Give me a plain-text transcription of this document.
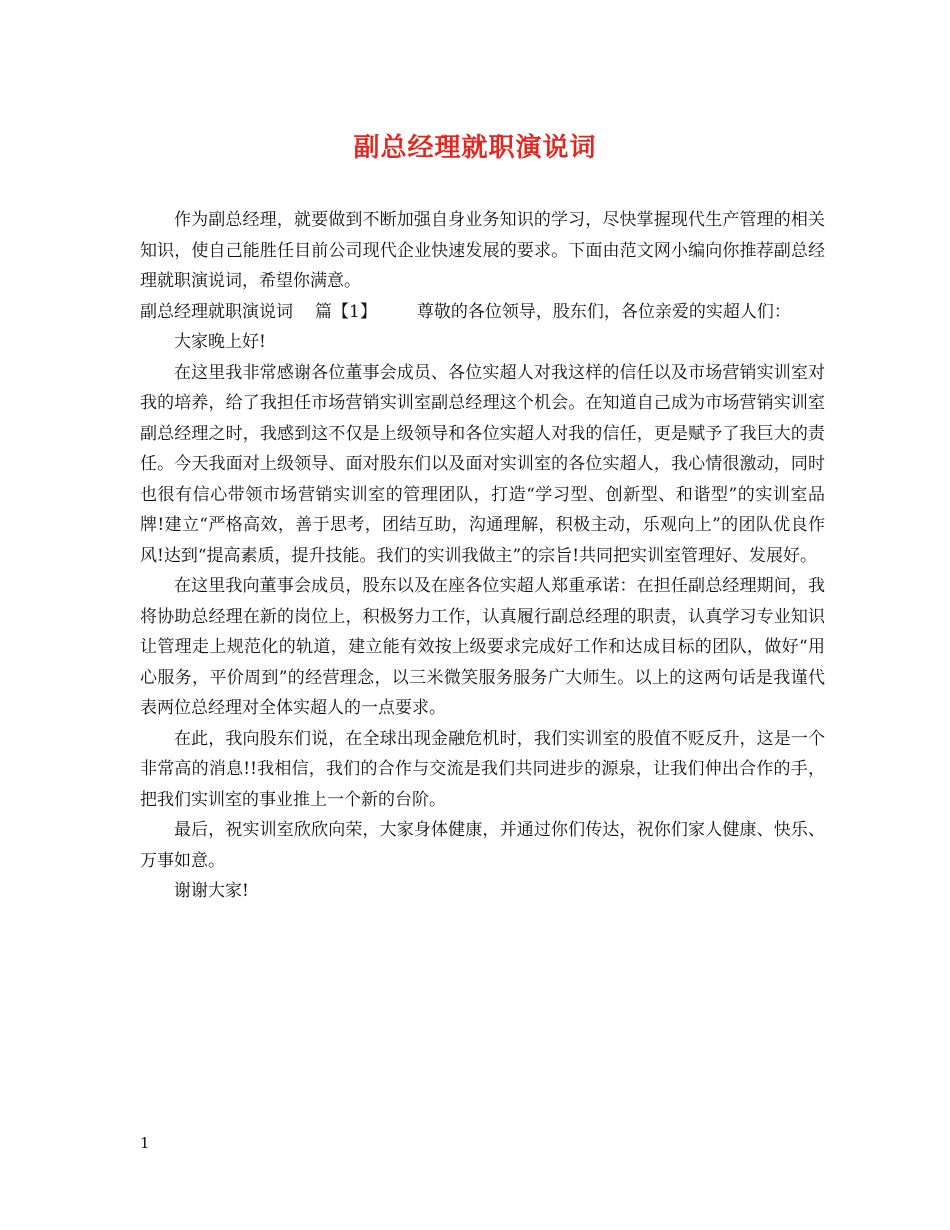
副总经理就职演说词

作为副总经理，就要做到不断加强自身业务知识的学习，尽快掌握现代生产管理的相关知识，使自己能胜任目前公司现代企业快速发展的要求。下面由范文网小编向你推荐副总经理就职演说词，希望你满意。

副总经理就职演说词 篇【1】 尊敬的各位领导，股东们，各位亲爱的实超人们：

大家晚上好!

在这里我非常感谢各位董事会成员、各位实超人对我这样的信任以及市场营销实训室对我的培养，给了我担任市场营销实训室副总经理这个机会。在知道自己成为市场营销实训室副总经理之时，我感到这不仅是上级领导和各位实超人对我的信任，更是赋予了我巨大的责任。今天我面对上级领导、面对股东们以及面对实训室的各位实超人，我心情很激动，同时也很有信心带领市场营销实训室的管理团队，打造“学习型、创新型、和谐型”的实训室品牌!建立“严格高效，善于思考，团结互助，沟通理解，积极主动，乐观向上”的团队优良作风!达到“提高素质，提升技能。我们的实训我做主”的宗旨!共同把实训室管理好、发展好。

在这里我向董事会成员，股东以及在座各位实超人郑重承诺：在担任副总经理期间，我将协助总经理在新的岗位上，积极努力工作，认真履行副总经理的职责，认真学习专业知识让管理走上规范化的轨道，建立能有效按上级要求完成好工作和达成目标的团队，做好“用心服务，平价周到”的经营理念，以三米微笑服务服务广大师生。以上的这两句话是我谨代表两位总经理对全体实超人的一点要求。

在此，我向股东们说，在全球出现金融危机时，我们实训室的股值不贬反升，这是一个非常高的消息!!我相信，我们的合作与交流是我们共同进步的源泉，让我们伸出合作的手，把我们实训室的事业推上一个新的台阶。

最后，祝实训室欣欣向荣，大家身体健康，并通过你们传达，祝你们家人健康、快乐、万事如意。

谢谢大家!

1
